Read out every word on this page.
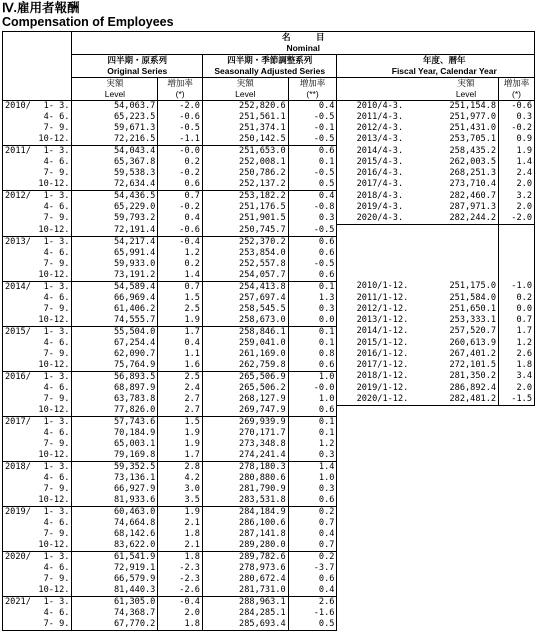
Ⅳ.雇用者報酬
Compensation of Employees
		名　　　目							
		Nominal							
		四半期・原系列		四半期・季節調整系列			年度、暦年		
		Original Series		Seasonally Adjusted Series			Fiscal Year, Calendar Year		
		実額	増加率	実額	増加率			実額	増加率
		Level	(*)	Level	(**)			Level	(*)
2010/	1- 3.	54,063.7	-2.0	252,820.6	0.4		2010/4-3.	251,154.8	-0.6
	4- 6.	65,223.5	-0.6	251,561.1	-0.5		2011/4-3.	251,977.0	0.3
	7- 9.	59,671.3	-0.5	251,374.1	-0.1		2012/4-3.	251,431.0	-0.2
	10-12.	72,216.5	-1.1	250,142.5	-0.5		2013/4-3.	253,705.1	0.9
2011/	1- 3.	54,043.4	-0.0	251,653.0	0.6		2014/4-3.	258,435.2	1.9
	4- 6.	65,367.8	0.2	252,008.1	0.1		2015/4-3.	262,003.5	1.4
	7- 9.	59,538.3	-0.2	250,786.2	-0.5		2016/4-3.	268,251.3	2.4
	10-12.	72,634.4	0.6	252,137.2	0.5		2017/4-3.	273,710.4	2.0
2012/	1- 3.	54,436.5	0.7	253,182.2	0.4		2018/4-3.	282,460.7	3.2
	4- 6.	65,229.0	-0.2	251,176.5	-0.8		2019/4-3.	287,971.3	2.0
	7- 9.	59,793.2	0.4	251,901.5	0.3		2020/4-3.	282,244.2	-2.0
	10-12.	72,191.4	-0.6	250,745.7	-0.5				
2013/	1- 3.	54,217.4	-0.4	252,370.2	0.6				
	4- 6.	65,991.4	1.2	253,854.0	0.6				
	7- 9.	59,933.0	0.2	252,557.8	-0.5				
	10-12.	73,191.2	1.4	254,057.7	0.6				
2014/	1- 3.	54,589.4	0.7	254,413.8	0.1		2010/1-12.	251,175.0	-1.0
	4- 6.	66,969.4	1.5	257,697.4	1.3		2011/1-12.	251,584.0	0.2
	7- 9.	61,406.2	2.5	258,545.5	0.3		2012/1-12.	251,650.1	0.0
	10-12.	74,555.7	1.9	258,673.0	0.0		2013/1-12.	253,333.1	0.7
2015/	1- 3.	55,504.0	1.7	258,846.1	0.1		2014/1-12.	257,520.7	1.7
	4- 6.	67,254.4	0.4	259,041.0	0.1		2015/1-12.	260,613.9	1.2
	7- 9.	62,090.7	1.1	261,169.0	0.8		2016/1-12.	267,401.2	2.6
	10-12.	75,764.9	1.6	262,759.8	0.6		2017/1-12.	272,101.5	1.8
2016/	1- 3.	56,893.5	2.5	265,506.9	1.0		2018/1-12.	281,350.2	3.4
	4- 6.	68,897.9	2.4	265,506.2	-0.0		2019/1-12.	286,892.4	2.0
	7- 9.	63,783.8	2.7	268,127.9	1.0		2020/1-12.	282,481.2	-1.5
	10-12.	77,826.0	2.7	269,747.9	0.6				
2017/	1- 3.	57,743.6	1.5	269,939.9	0.1				
	4- 6.	70,184.9	1.9	270,171.7	0.1				
	7- 9.	65,003.1	1.9	273,348.8	1.2				
	10-12.	79,169.8	1.7	274,241.4	0.3				
2018/	1- 3.	59,352.5	2.8	278,180.3	1.4				
	4- 6.	73,136.1	4.2	280,880.6	1.0				
	7- 9.	66,927.9	3.0	281,790.9	0.3				
	10-12.	81,933.6	3.5	283,531.8	0.6				
2019/	1- 3.	60,463.0	1.9	284,184.9	0.2				
	4- 6.	74,664.8	2.1	286,100.6	0.7				
	7- 9.	68,142.6	1.8	287,141.8	0.4				
	10-12.	83,622.0	2.1	289,280.0	0.7				
2020/	1- 3.	61,541.9	1.8	289,782.6	0.2				
	4- 6.	72,919.1	-2.3	278,973.6	-3.7				
	7- 9.	66,579.9	-2.3	280,672.4	0.6				
	10-12.	81,440.3	-2.6	281,731.0	0.4				
2021/	1- 3.	61,305.0	-0.4	288,963.1	2.6				
	4- 6.	74,368.7	2.0	284,285.1	-1.6				
	7- 9.	67,770.2	1.8	285,693.4	0.5				
